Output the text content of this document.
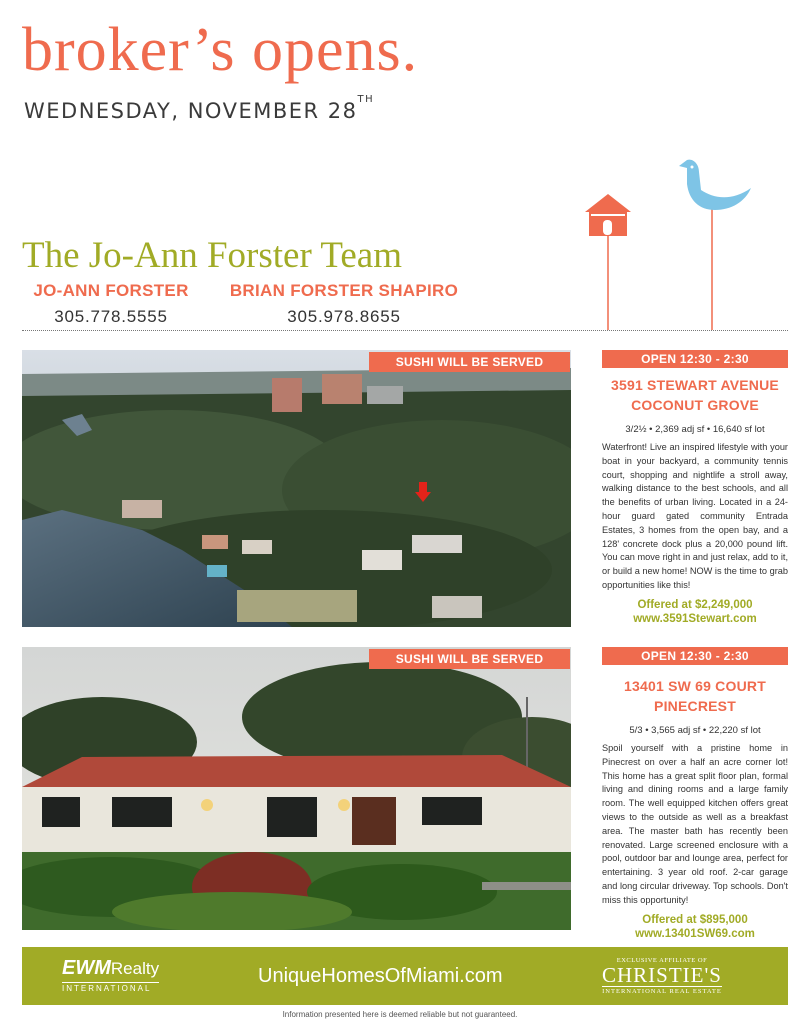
broker’s opens.
WEDNESDAY, NOVEMBER 28TH
The Jo-Ann Forster Team
JO-ANN FORSTER
305.778.5555
BRIAN FORSTER SHAPIRO
305.978.8655
SUSHI WILL BE SERVED
SUSHI WILL BE SERVED
OPEN 12:30 - 2:30
3591 STEWART AVENUE
COCONUT GROVE
3/2½ • 2,369 adj sf • 16,640 sf lot
Waterfront! Live an inspired lifestyle with your boat in your backyard, a community tennis court, shopping and nightlife a stroll away, walking distance to the best schools, and all the benefits of urban living. Located in a 24-hour guard gated community Entrada Estates, 3 homes from the open bay, and a 128' concrete dock plus a 20,000 pound lift. You can move right in and just relax, add to it, or build a new home! NOW is the time to grab opportunities like this!
Offered at $2,249,000
www.3591Stewart.com
OPEN 12:30 - 2:30
13401 SW 69 COURT
PINECREST
5/3 • 3,565 adj sf • 22,220 sf lot
Spoil yourself with a pristine home in Pinecrest on over a half an acre corner lot! This home has a great split floor plan, formal living and dining rooms and a large family room. The well equipped kitchen offers great views to the outside as well as a breakfast area. The master bath has recently been renovated. Large screened enclosure with a pool, outdoor bar and lounge area, perfect for entertaining. 3 year old roof. 2-car garage and long circular driveway. Top schools. Don't miss this opportunity!
Offered at $895,000
www.13401SW69.com
EWMRealty
INTERNATIONAL
UniqueHomesOfMiami.com
EXCLUSIVE AFFILIATE OF
CHRISTIE'S
INTERNATIONAL REAL ESTATE
Information presented here is deemed reliable but not guaranteed.
